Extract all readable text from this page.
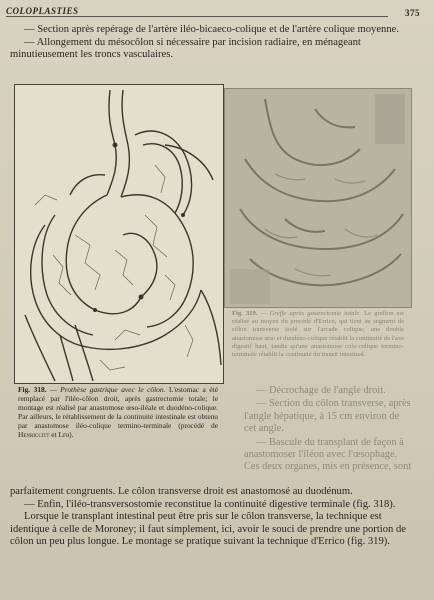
COLOPLASTIES	375

— Section après repérage de l'artère iléo-bicaeco-colique et de l'artère colique moyenne.

— Allongement du mésocôlon si nécessaire par incision radiaire, en ménageant minutieusement les troncs vasculaires.

Fig. 318. — Prothèse gastrique avec le côlon. L'estomac a été remplacé par l'iléo-côlon droit, après gastrectomie totale; le montage est réalisé par anastomose œso-iléale et duodéno-colique. Par ailleurs, le rétablissement de la continuité intestinale est obtenu par anastomose iléo-colique termino-terminale (procédé de Henriccitt et Lro).
Fig. 319. — Greffe après gastrectomie totale. Le greffon est réalisé au moyen du procédé d'Errico, qui tient au segment de côlon transverse isolé sur l'arcade colique; une double anastomose œso et duodéno-colique rétablit la continuité de l'axe digestif haut, tandis qu'une anastomose colo-colique termino-terminale rétablit la continuité du transit intestinal.

— Décrochage de l'angle droit.

— Section du côlon transverse, après l'angle hépatique, à 15 cm environ de cet angle.

— Bascule du transplant de façon à anastomoser l'iléon avec l'œsophage. Ces deux organes, mis en présence, sont

parfaitement congruents. Le côlon transverse droit est anastomosé au duodénum.

— Enfin, l'iléo-transversostomie reconstitue la continuité digestive terminale (fig. 318).

Lorsque le transplant intestinal peut être pris sur le côlon transverse, la technique est identique à celle de Moroney; il faut simplement, ici, avoir le souci de prendre une portion de côlon un peu plus longue. Le montage se pratique suivant la technique d'Errico (fig. 319).
